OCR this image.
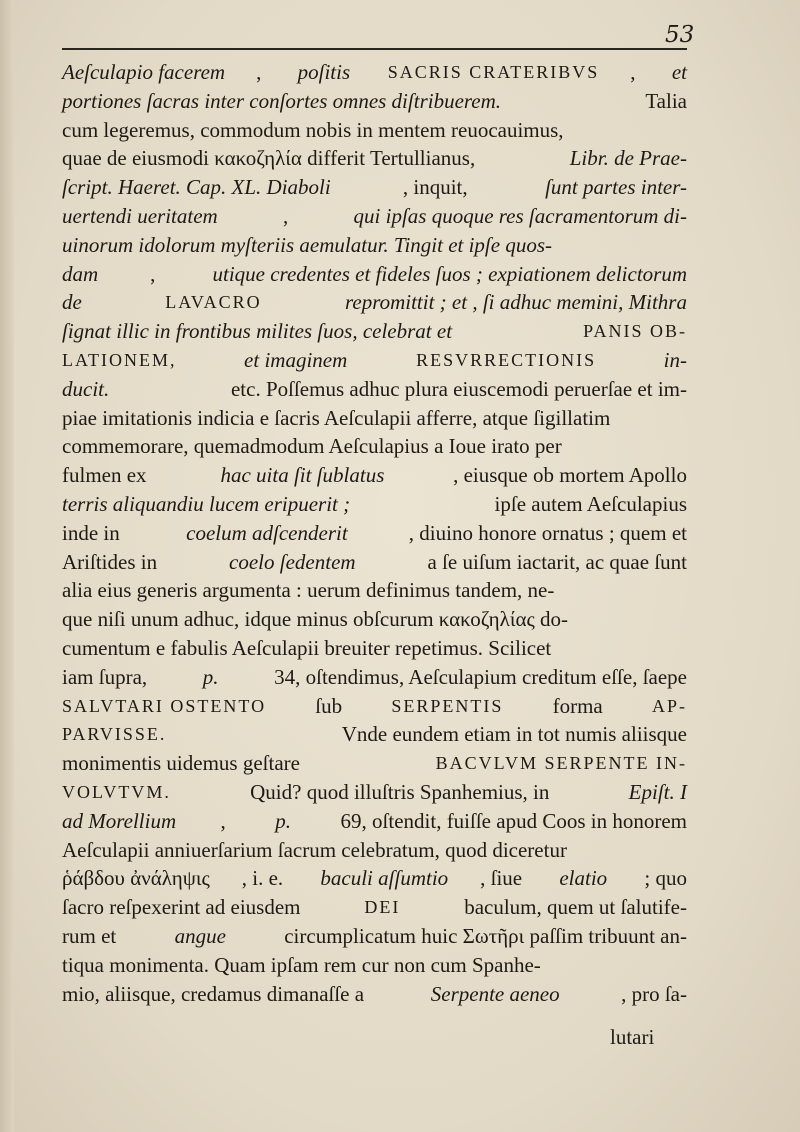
53
Aeſculapio facerem , poſitis SACRIS CRATERIBVS , et
portiones ſacras inter conſortes omnes diſtribuerem.	Talia
cum legeremus, commodum nobis in mentem reuocauimus,
quae de eiusmodi κακοζηλία differit Tertullianus,	Libr. de Prae-
ſcript. Haeret. Cap. XL. Diaboli	, inquit,	ſunt partes inter-
uertendi ueritatem	,	qui ipſas quoque res ſacramentorum di-
uinorum idolorum myſteriis aemulatur. Tingit et ipſe quos-
dam , utique credentes et fideles ſuos ; expiationem delictorum
de	LAVACRO	repromittit ; et , ſi adhuc memini, Mithra
ſignat illic in frontibus milites ſuos, celebrat et	PANIS OB-
LATIONEM,	et imaginem	RESVRRECTIONIS	in-
ducit.	etc. Poſſemus adhuc plura eiuscemodi peruerſae et im-
piae imitationis indicia e ſacris Aeſculapii afferre, atque ſigillatim
commemorare, quemadmodum Aeſculapius a Ioue irato per
fulmen ex	hac uita ſit ſublatus	, eiusque ob mortem Apollo
terris aliquandiu lucem eripuerit ;	ipſe autem Aeſculapius
inde in	coelum adſcenderit	, diuino honore ornatus ; quem et
Ariſtides in	coelo ſedentem	a ſe uiſum iactarit, ac quae ſunt
alia eius generis argumenta : uerum definimus tandem, ne-
que niſi unum adhuc, idque minus obſcurum κακοζηλίας do-
cumentum e fabulis Aeſculapii breuiter repetimus. Scilicet
iam ſupra, p. 34, oſtendimus, Aeſculapium creditum eſſe, ſaepe
SALVTARI OSTENTO ſub SERPENTIS forma AP-
PARVISSE.	Vnde eundem etiam in tot numis aliisque
monimentis uidemus geſtare	BACVLVM SERPENTE IN-
VOLVTVM.	Quid? quod illuſtris Spanhemius, in	Epiſt. I
ad Morellium , p. 69, oſtendit, fuiſſe apud Coos in honorem
Aeſculapii anniuerſarium ſacrum celebratum, quod diceretur
ῥάβδου ἀνάληψις , i. e. baculi aſſumtio , ſiue elatio ; quo
ſacro reſpexerint ad eiusdem	DEI	baculum, quem ut ſalutife-
rum et	angue	circumplicatum huic Σωτῆρι paſſim tribuunt an-
tiqua monimenta. Quam ipſam rem cur non cum Spanhe-
mio, aliisque, credamus dimanaſſe a	Serpente aeneo	, pro ſa-
lutari
